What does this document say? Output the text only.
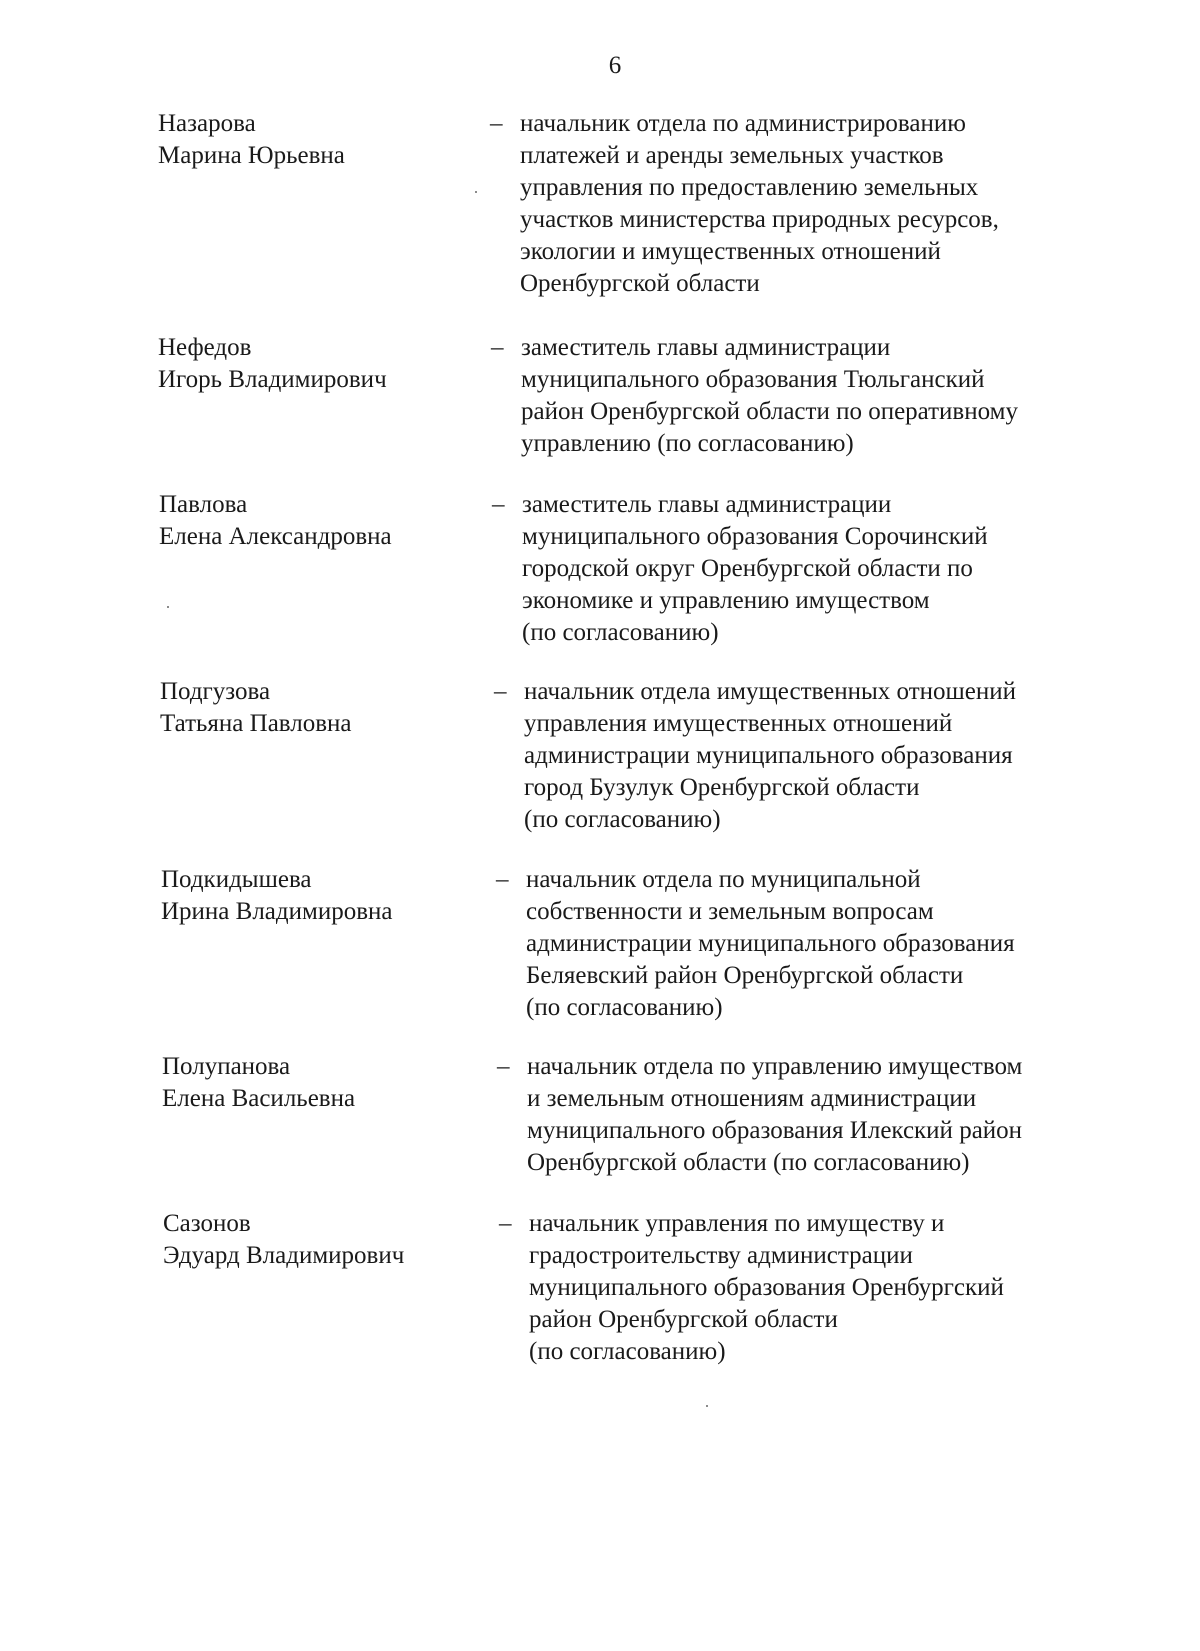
6
Назарова
Марина Юрьевна
– начальник отдела по администрированию
платежей и аренды земельных участков
управления по предоставлению земельных
участков министерства природных ресурсов,
экологии и имущественных отношений
Оренбургской области
Нефедов
Игорь Владимирович
– заместитель главы администрации
муниципального образования Тюльганский
район Оренбургской области по оперативному
управлению (по согласованию)
Павлова
Елена Александровна
– заместитель главы администрации
муниципального образования Сорочинский
городской округ Оренбургской области по
экономике и управлению имуществом
(по согласованию)
Подгузова
Татьяна Павловна
– начальник отдела имущественных отношений
управления имущественных отношений
администрации муниципального образования
город Бузулук Оренбургской области
(по согласованию)
Подкидышева
Ирина Владимировна
– начальник отдела по муниципальной
собственности и земельным вопросам
администрации муниципального образования
Беляевский район Оренбургской области
(по согласованию)
Полупанова
Елена Васильевна
– начальник отдела по управлению имуществом
и земельным отношениям администрации
муниципального образования Илекский район
Оренбургской области (по согласованию)
Сазонов
Эдуард Владимирович
– начальник управления по имуществу и
градостроительству администрации
муниципального образования Оренбургский
район Оренбургской области
(по согласованию)
